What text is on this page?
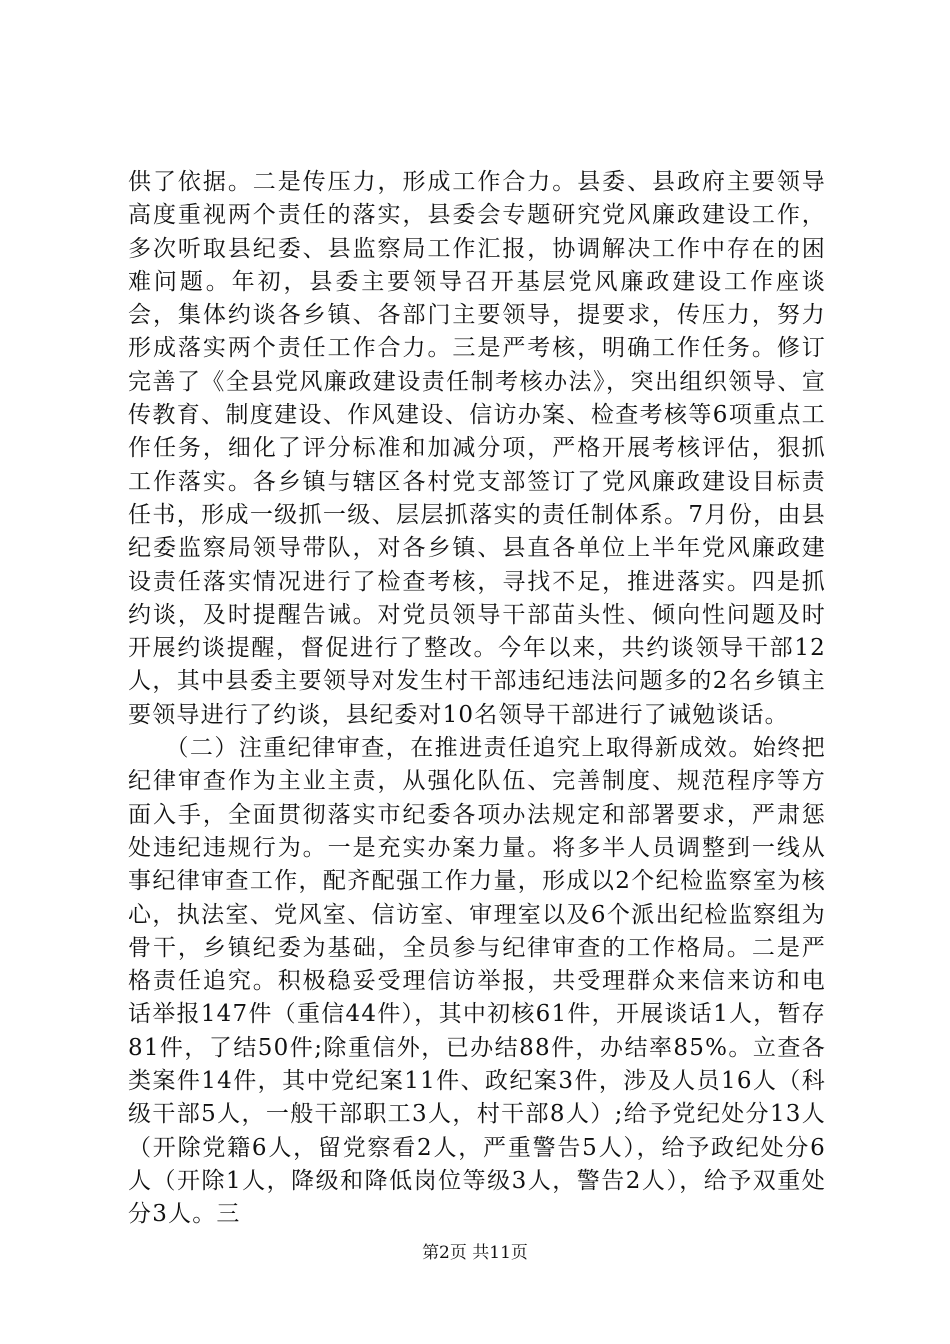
供了依据。二是传压力，形成工作合力。县委、县政府主要领导高度重视两个责任的落实，县委会专题研究党风廉政建设工作，多次听取县纪委、县监察局工作汇报，协调解决工作中存在的困难问题。年初，县委主要领导召开基层党风廉政建设工作座谈会，集体约谈各乡镇、各部门主要领导，提要求，传压力，努力形成落实两个责任工作合力。三是严考核，明确工作任务。修订完善了《全县党风廉政建设责任制考核办法》，突出组织领导、宣传教育、制度建设、作风建设、信访办案、检查考核等6项重点工作任务，细化了评分标准和加减分项，严格开展考核评估，狠抓工作落实。各乡镇与辖区各村党支部签订了党风廉政建设目标责任书，形成一级抓一级、层层抓落实的责任制体系。7月份，由县纪委监察局领导带队，对各乡镇、县直各单位上半年党风廉政建设责任落实情况进行了检查考核，寻找不足，推进落实。四是抓约谈，及时提醒告诫。对党员领导干部苗头性、倾向性问题及时开展约谈提醒，督促进行了整改。今年以来，共约谈领导干部12人，其中县委主要领导对发生村干部违纪违法问题多的2名乡镇主要领导进行了约谈，县纪委对10名领导干部进行了诫勉谈话。

　　（二）注重纪律审查，在推进责任追究上取得新成效。始终把纪律审查作为主业主责，从强化队伍、完善制度、规范程序等方面入手，全面贯彻落实市纪委各项办法规定和部署要求，严肃惩处违纪违规行为。一是充实办案力量。将多半人员调整到一线从事纪律审查工作，配齐配强工作力量，形成以2个纪检监察室为核心，执法室、党风室、信访室、审理室以及6个派出纪检监察组为骨干，乡镇纪委为基础，全员参与纪律审查的工作格局。二是严格责任追究。积极稳妥受理信访举报，共受理群众来信来访和电话举报147件（重信44件），其中初核61件，开展谈话1人，暂存81件，了结50件;除重信外，已办结88件，办结率85%。立查各类案件14件，其中党纪案11件、政纪案3件，涉及人员16人（科级干部5人，一般干部职工3人，村干部8人）;给予党纪处分13人（开除党籍6人，留党察看2人，严重警告5人），给予政纪处分6人（开除1人，降级和降低岗位等级3人，警告2人），给予双重处分3人。三

第2页 共11页
